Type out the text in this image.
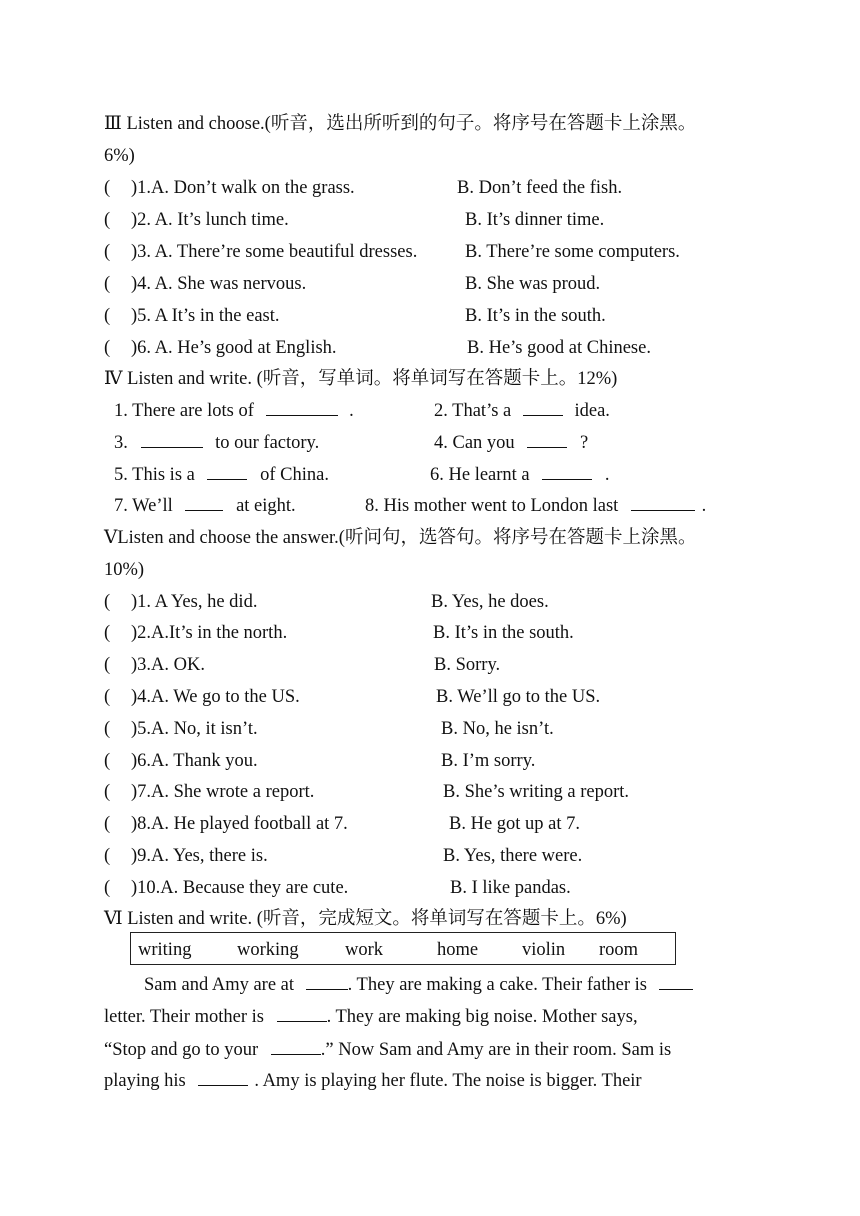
Ⅲ Listen and choose.(听音，选出所听到的句子。将序号在答题卡上涂黑。
6%)
( )1.A. Don’t walk on the grass.	B. Don’t feed the fish.
( )2. A. It’s lunch time.	B. It’s dinner time.
( )3. A. There’re some beautiful dresses.	B. There’re some computers.
( )4. A. She was nervous.	B. She was proud.
( )5. A It’s in the east.	B. It’s in the south.
( )6. A. He’s good at English.	B. He’s good at Chinese.
Ⅳ Listen and write. (听音，写单词。将单词写在答题卡上。12%)
1. There are lots of	.	2. That’s a	idea.
3.	to our factory.	4. Can you	?
5. This is a	of China.	6. He learnt a	.
7. We’ll	at eight.	8. His mother went to London last	.
ⅤListen and choose the answer.(听问句，选答句。将序号在答题卡上涂黑。
10%)
( )1. A Yes, he did.	B. Yes, he does.
( )2.A.It’s in the north.	B. It’s in the south.
( )3.A. OK.	B. Sorry.
( )4.A. We go to the US.	B. We’ll go to the US.
( )5.A. No, it isn’t.	B. No, he isn’t.
( )6.A. Thank you.	B. I’m sorry.
( )7.A. She wrote a report.	B. She’s writing a report.
( )8.A. He played football at 7.	B. He got up at 7.
( )9.A. Yes, there is.	B. Yes, there were.
( )10.A. Because they are cute.	B. I like pandas.
Ⅵ Listen and write. (听音，完成短文。将单词写在答题卡上。6%)
writing working	work	home violin room
Sam and Amy are at	. They are making a cake. Their father is
letter. Their mother is	. They are making big noise. Mother says,
“Stop and go to your	.” Now Sam and Amy are in their room. Sam is
playing his	. Amy is playing her flute. The noise is bigger. Their
